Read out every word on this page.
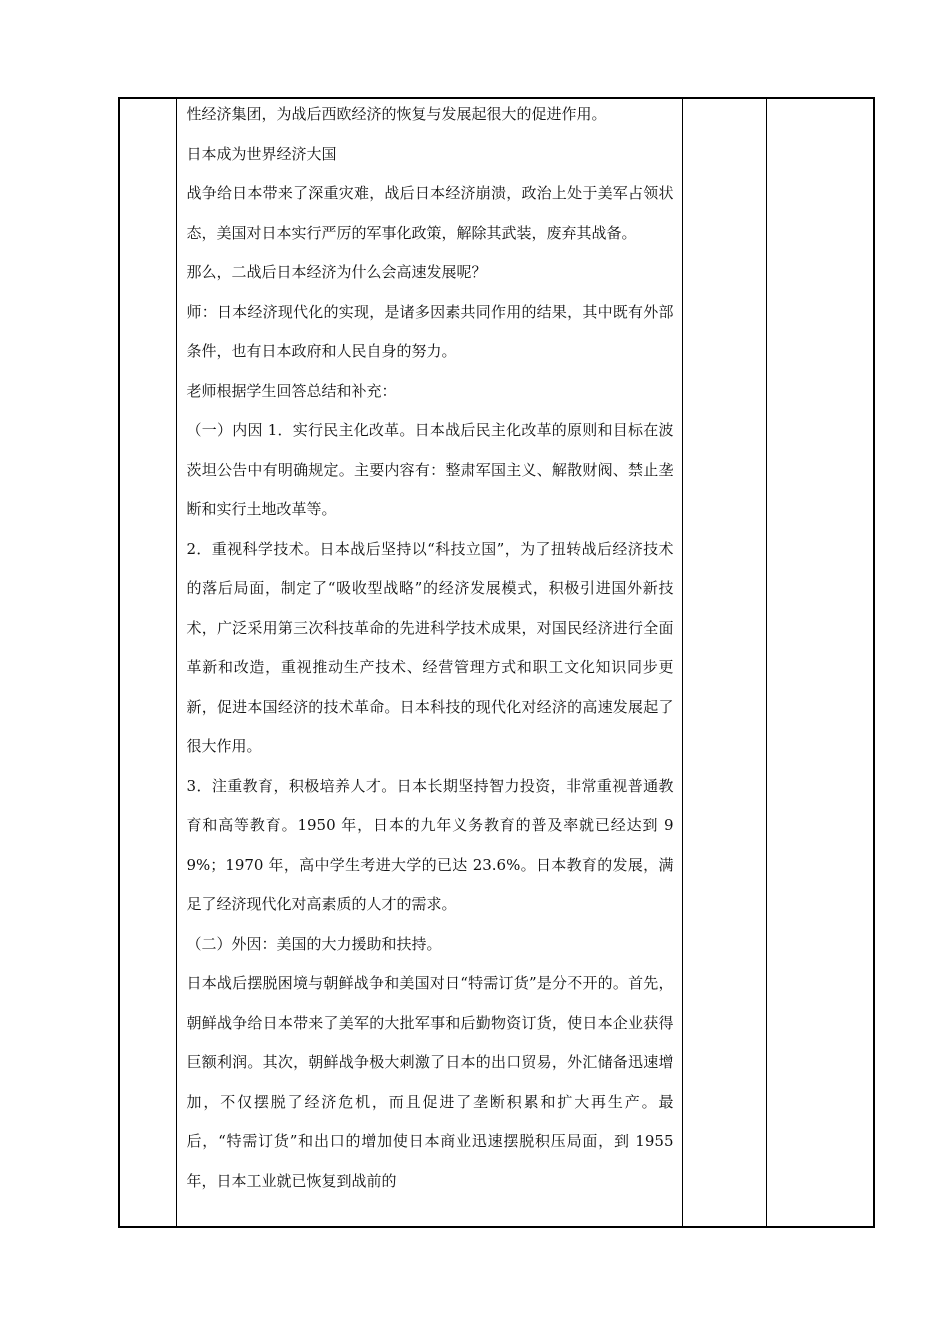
性经济集团，为战后西欧经济的恢复与发展起很大的促进作用。

日本成为世界经济大国

战争给日本带来了深重灾难，战后日本经济崩溃，政治上处于美军占领状态，美国对日本实行严厉的军事化政策，解除其武装，废弃其战备。

那么，二战后日本经济为什么会高速发展呢？

师：日本经济现代化的实现，是诸多因素共同作用的结果，其中既有外部条件，也有日本政府和人民自身的努力。

老师根据学生回答总结和补充：

（一）内因 1．实行民主化改革。日本战后民主化改革的原则和目标在波茨坦公告中有明确规定。主要内容有：整肃军国主义、解散财阀、禁止垄断和实行土地改革等。

2．重视科学技术。日本战后坚持以“科技立国”，为了扭转战后经济技术的落后局面，制定了“吸收型战略”的经济发展模式，积极引进国外新技术，广泛采用第三次科技革命的先进科学技术成果，对国民经济进行全面革新和改造，重视推动生产技术、经营管理方式和职工文化知识同步更新，促进本国经济的技术革命。日本科技的现代化对经济的高速发展起了很大作用。

3．注重教育，积极培养人才。日本长期坚持智力投资，非常重视普通教育和高等教育。1950 年，日本的九年义务教育的普及率就已经达到 99%；1970 年，高中学生考进大学的已达 23.6%。日本教育的发展，满足了经济现代化对高素质的人才的需求。

（二）外因：美国的大力援助和扶持。

日本战后摆脱困境与朝鲜战争和美国对日“特需订货”是分不开的。首先，朝鲜战争给日本带来了美军的大批军事和后勤物资订货，使日本企业获得巨额利润。其次，朝鲜战争极大刺激了日本的出口贸易，外汇储备迅速增加，不仅摆脱了经济危机，而且促进了垄断积累和扩大再生产。最后，“特需订货”和出口的增加使日本商业迅速摆脱积压局面，到 1955 年，日本工业就已恢复到战前的
